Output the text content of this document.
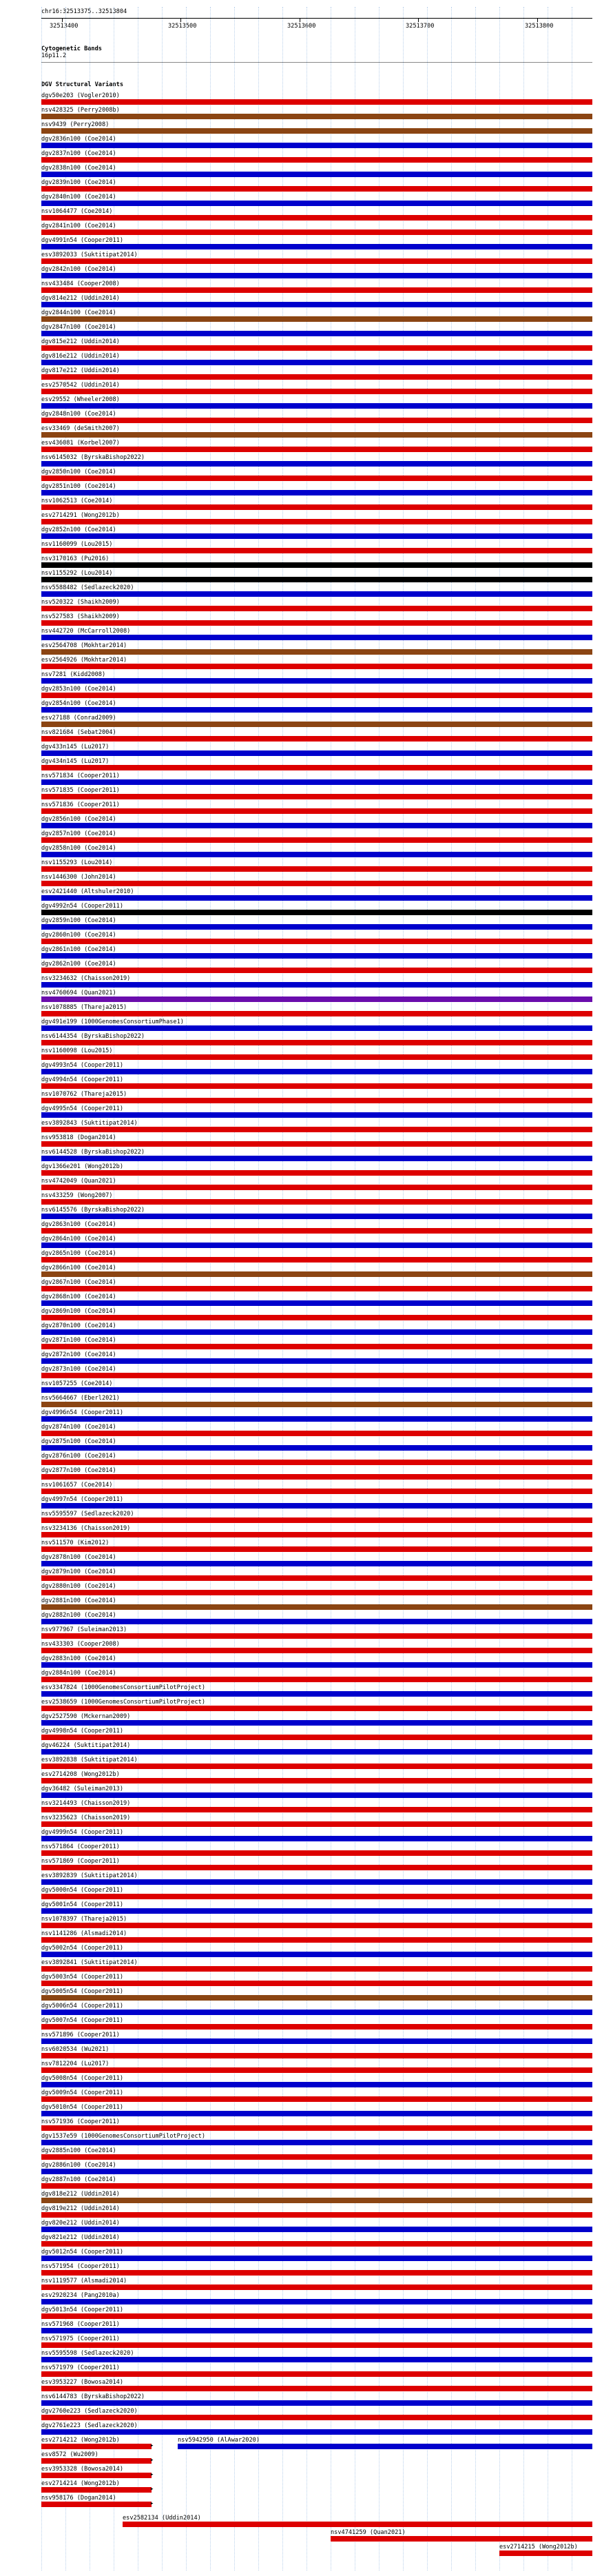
chr16:32513375..32513804
32513400	32513500	32513600	32513700	32513800
Cytogenetic Bands
16p11.2
DGV Structural Variants
dgv50e203 (Vogler2010)
nsv428325 (Perry2008b)
nsv9439 (Perry2008)
dgv2836n100 (Coe2014)
dgv2837n100 (Coe2014)
dgv2838n100 (Coe2014)
dgv2839n100 (Coe2014)
dgv2840n100 (Coe2014)
nsv1064477 (Coe2014)
dgv2841n100 (Coe2014)
dgv4991n54 (Cooper2011)
esv3892033 (Suktitipat2014)
dgv2842n100 (Coe2014)
nsv433484 (Cooper2008)
dgv814e212 (Uddin2014)
dgv2844n100 (Coe2014)
dgv2847n100 (Coe2014)
dgv815e212 (Uddin2014)
dgv816e212 (Uddin2014)
dgv817e212 (Uddin2014)
esv2570542 (Uddin2014)
esv29552 (Wheeler2008)
dgv2848n100 (Coe2014)
esv33469 (deSmith2007)
esv436081 (Korbel2007)
nsv6145032 (ByrskaBishop2022)
dgv2850n100 (Coe2014)
dgv2851n100 (Coe2014)
nsv1062513 (Coe2014)
esv2714291 (Wong2012b)
dgv2852n100 (Coe2014)
nsv1160099 (Lou2015)
nsv3170163 (Pu2016)
nsv1155292 (Lou2014)
nsv5588482 (Sedlazeck2020)
nsv520322 (Shaikh2009)
nsv527583 (Shaikh2009)
nsv442720 (McCarroll2008)
esv2564708 (Mokhtar2014)
esv2564926 (Mokhtar2014)
nsv7281 (Kidd2008)
dgv2853n100 (Coe2014)
dgv2854n100 (Coe2014)
esv27188 (Conrad2009)
nsv821684 (Sebat2004)
dgv433n145 (Lu2017)
dgv434n145 (Lu2017)
nsv571834 (Cooper2011)
nsv571835 (Cooper2011)
nsv571836 (Cooper2011)
dgv2856n100 (Coe2014)
dgv2857n100 (Coe2014)
dgv2858n100 (Coe2014)
nsv1155293 (Lou2014)
nsv1446300 (John2014)
esv2421440 (Altshuler2010)
dgv4992n54 (Cooper2011)
dgv2859n100 (Coe2014)
dgv2860n100 (Coe2014)
dgv2861n100 (Coe2014)
dgv2862n100 (Coe2014)
nsv3234632 (Chaisson2019)
nsv4760694 (Quan2021)
nsv1078885 (Thareja2015)
dgv491e199 (1000GenomesConsortiumPhase1)
nsv6144354 (ByrskaBishop2022)
nsv1160098 (Lou2015)
dgv4993n54 (Cooper2011)
dgv4994n54 (Cooper2011)
nsv1070762 (Thareja2015)
dgv4995n54 (Cooper2011)
esv3892843 (Suktitipat2014)
nsv953818 (Dogan2014)
nsv6144528 (ByrskaBishop2022)
dgv1366e201 (Wong2012b)
nsv4742049 (Quan2021)
nsv433259 (Wong2007)
nsv6145576 (ByrskaBishop2022)
dgv2863n100 (Coe2014)
dgv2864n100 (Coe2014)
dgv2865n100 (Coe2014)
dgv2866n100 (Coe2014)
dgv2867n100 (Coe2014)
dgv2868n100 (Coe2014)
dgv2869n100 (Coe2014)
dgv2870n100 (Coe2014)
dgv2871n100 (Coe2014)
dgv2872n100 (Coe2014)
dgv2873n100 (Coe2014)
nsv1057255 (Coe2014)
nsv5664667 (Eberl2021)
dgv4996n54 (Cooper2011)
dgv2874n100 (Coe2014)
dgv2875n100 (Coe2014)
dgv2876n100 (Coe2014)
dgv2877n100 (Coe2014)
nsv1061657 (Coe2014)
dgv4997n54 (Cooper2011)
nsv5595597 (Sedlazeck2020)
nsv3234136 (Chaisson2019)
nsv511570 (Kim2012)
dgv2878n100 (Coe2014)
dgv2879n100 (Coe2014)
dgv2880n100 (Coe2014)
dgv2881n100 (Coe2014)
dgv2882n100 (Coe2014)
nsv977967 (Suleiman2013)
nsv433303 (Cooper2008)
dgv2883n100 (Coe2014)
dgv2884n100 (Coe2014)
esv3347824 (1000GenomesConsortiumPilotProject)
esv2538659 (1000GenomesConsortiumPilotProject)
dgv2527590 (Mckernan2009)
dgv4998n54 (Cooper2011)
dgv46224 (Suktitipat2014)
esv3892838 (Suktitipat2014)
esv2714208 (Wong2012b)
dgv36482 (Suleiman2013)
nsv3214493 (Chaisson2019)
nsv3235623 (Chaisson2019)
dgv4999n54 (Cooper2011)
nsv571864 (Cooper2011)
nsv571869 (Cooper2011)
esv3892839 (Suktitipat2014)
dgv5000n54 (Cooper2011)
dgv5001n54 (Cooper2011)
nsv1078397 (Thareja2015)
nsv1141286 (Alsmadi2014)
dgv5002n54 (Cooper2011)
esv3892841 (Suktitipat2014)
dgv5003n54 (Cooper2011)
dgv5005n54 (Cooper2011)
dgv5006n54 (Cooper2011)
dgv5007n54 (Cooper2011)
nsv571896 (Cooper2011)
nsv6020534 (Wu2021)
nsv7812204 (Lu2017)
dgv5008n54 (Cooper2011)
dgv5009n54 (Cooper2011)
dgv5010n54 (Cooper2011)
nsv571936 (Cooper2011)
dgv1537e59 (1000GenomesConsortiumPilotProject)
dgv2885n100 (Coe2014)
dgv2886n100 (Coe2014)
dgv2887n100 (Coe2014)
dgv818e212 (Uddin2014)
dgv819e212 (Uddin2014)
dgv820e212 (Uddin2014)
dgv821e212 (Uddin2014)
dgv5012n54 (Cooper2011)
nsv571954 (Cooper2011)
nsv1119577 (Alsmadi2014)
esv2920234 (Pang2010a)
dgv5013n54 (Cooper2011)
nsv571968 (Cooper2011)
nsv571975 (Cooper2011)
nsv5595598 (Sedlazeck2020)
nsv571979 (Cooper2011)
esv3953227 (Bowosa2014)
nsv6144783 (ByrskaBishop2022)
dgv2760e223 (Sedlazeck2020)
dgv2761e223 (Sedlazeck2020)
esv2714212 (Wong2012b)
▸
nsv5942950 (AlAwar2020)
esv8572 (Wu2009)
▸
esv3953328 (Bowosa2014)
▸
esv2714214 (Wong2012b)
▸
nsv958176 (Dogan2014)
▸
esv2582134 (Uddin2014)
nsv4741259 (Quan2021)
esv2714215 (Wong2012b)
